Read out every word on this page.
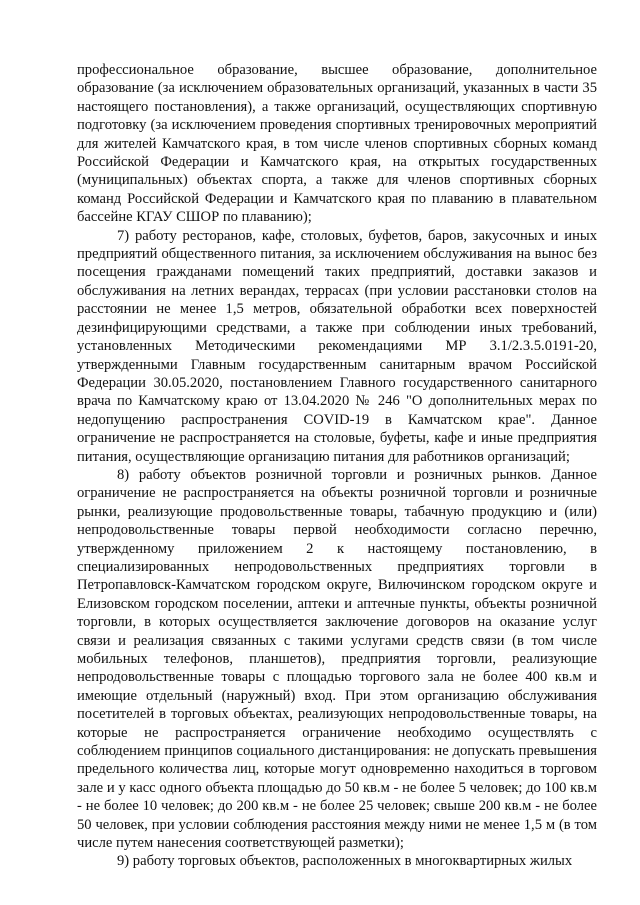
профессиональное образование, высшее образование, дополнительное образование (за исключением образовательных организаций, указанных в части 35 настоящего постановления), а также организаций, осуществляющих спортивную подготовку (за исключением проведения спортивных тренировочных мероприятий для жителей Камчатского края, в том числе членов спортивных сборных команд Российской Федерации и Камчатского края, на открытых государственных (муниципальных) объектах спорта, а также для членов спортивных сборных команд Российской Федерации и Камчатского края по плаванию в плавательном бассейне КГАУ СШОР по плаванию);

7) работу ресторанов, кафе, столовых, буфетов, баров, закусочных и иных предприятий общественного питания, за исключением обслуживания на вынос без посещения гражданами помещений таких предприятий, доставки заказов и обслуживания на летних верандах, террасах (при условии расстановки столов на расстоянии не менее 1,5 метров, обязательной обработки всех поверхностей дезинфицирующими средствами, а также при соблюдении иных требований, установленных Методическими рекомендациями МР 3.1/2.3.5.0191-20, утвержденными Главным государственным санитарным врачом Российской Федерации 30.05.2020, постановлением Главного государственного санитарного врача по Камчатскому краю от 13.04.2020 № 246 "О дополнительных мерах по недопущению распространения COVID-19 в Камчатском крае". Данное ограничение не распространяется на столовые, буфеты, кафе и иные предприятия питания, осуществляющие организацию питания для работников организаций;

8) работу объектов розничной торговли и розничных рынков. Данное ограничение не распространяется на объекты розничной торговли и розничные рынки, реализующие продовольственные товары, табачную продукцию и (или) непродовольственные товары первой необходимости согласно перечню, утвержденному приложением 2 к настоящему постановлению, в специализированных непродовольственных предприятиях торговли в Петропавловск-Камчатском городском округе, Вилючинском городском округе и Елизовском городском поселении, аптеки и аптечные пункты, объекты розничной торговли, в которых осуществляется заключение договоров на оказание услуг связи и реализация связанных с такими услугами средств связи (в том числе мобильных телефонов, планшетов), предприятия торговли, реализующие непродовольственные товары с площадью торгового зала не более 400 кв.м и имеющие отдельный (наружный) вход. При этом организацию обслуживания посетителей в торговых объектах, реализующих непродовольственные товары, на которые не распространяется ограничение необходимо осуществлять с соблюдением принципов социального дистанцирования: не допускать превышения предельного количества лиц, которые могут одновременно находиться в торговом зале и у касс одного объекта площадью до 50 кв.м - не более 5 человек; до 100 кв.м - не более 10 человек; до 200 кв.м - не более 25 человек; свыше 200 кв.м - не более 50 человек, при условии соблюдения расстояния между ними не менее 1,5 м (в том числе путем нанесения соответствующей разметки);

9) работу торговых объектов, расположенных в многоквартирных жилых
